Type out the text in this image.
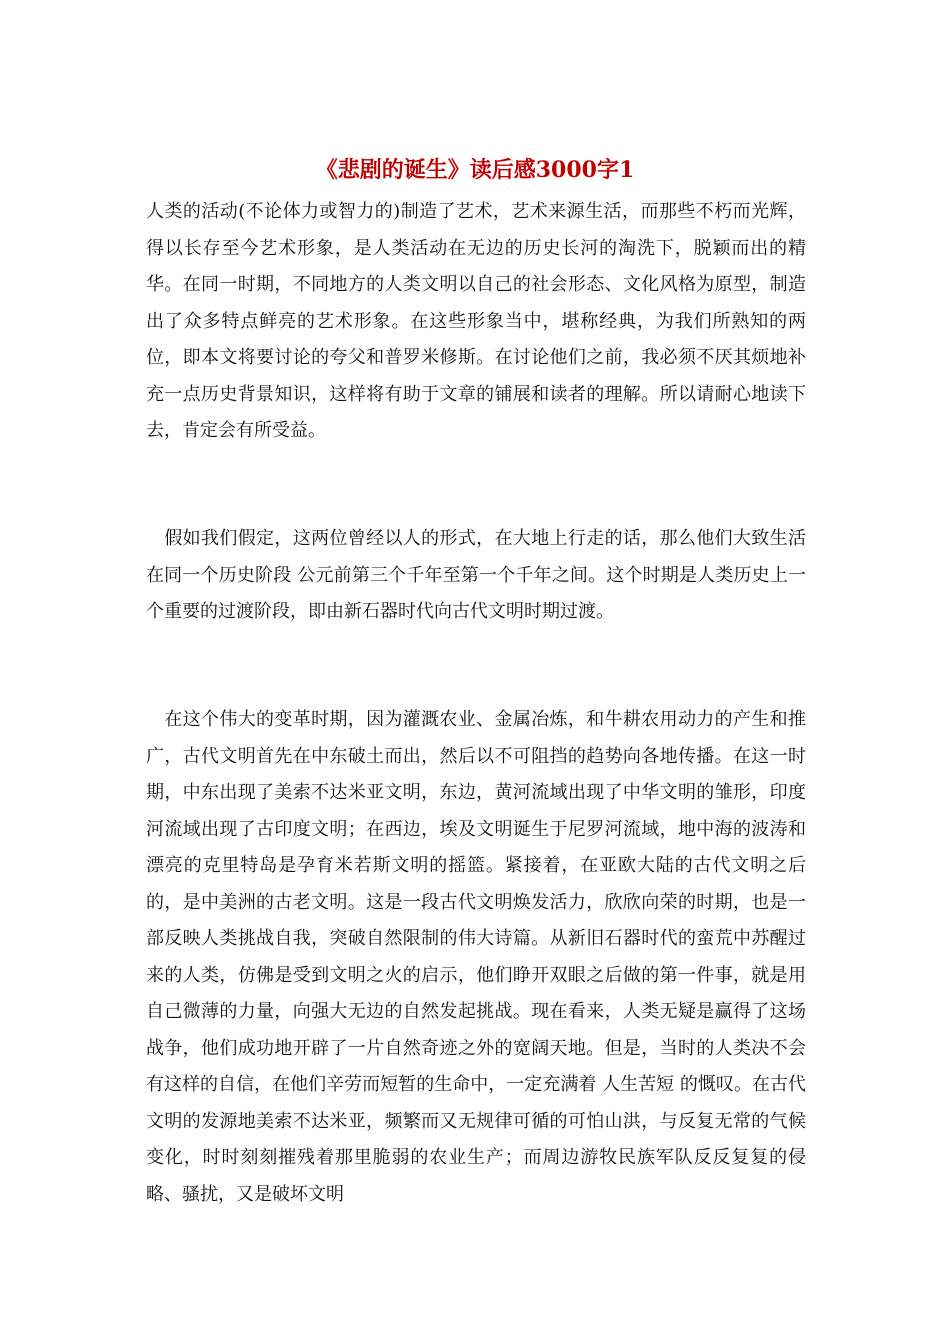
《悲剧的诞生》读后感3000字1

人类的活动(不论体力或智力的)制造了艺术，艺术来源生活，而那些不朽而光辉，得以长存至今艺术形象，是人类活动在无边的历史长河的淘洗下，脱颖而出的精华。在同一时期，不同地方的人类文明以自己的社会形态、文化风格为原型，制造出了众多特点鲜亮的艺术形象。在这些形象当中，堪称经典，为我们所熟知的两位，即本文将要讨论的夸父和普罗米修斯。在讨论他们之前，我必须不厌其烦地补充一点历史背景知识，这样将有助于文章的铺展和读者的理解。所以请耐心地读下去，肯定会有所受益。

　假如我们假定，这两位曾经以人的形式，在大地上行走的话，那么他们大致生活在同一个历史阶段 公元前第三个千年至第一个千年之间。这个时期是人类历史上一个重要的过渡阶段，即由新石器时代向古代文明时期过渡。

　在这个伟大的变革时期，因为灌溉农业、金属冶炼，和牛耕农用动力的产生和推广，古代文明首先在中东破土而出，然后以不可阻挡的趋势向各地传播。在这一时期，中东出现了美索不达米亚文明，东边，黄河流域出现了中华文明的雏形，印度河流域出现了古印度文明；在西边，埃及文明诞生于尼罗河流域，地中海的波涛和漂亮的克里特岛是孕育米若斯文明的摇篮。紧接着，在亚欧大陆的古代文明之后的，是中美洲的古老文明。这是一段古代文明焕发活力，欣欣向荣的时期，也是一部反映人类挑战自我，突破自然限制的伟大诗篇。从新旧石器时代的蛮荒中苏醒过来的人类，仿佛是受到文明之火的启示，他们睁开双眼之后做的第一件事，就是用自己微薄的力量，向强大无边的自然发起挑战。现在看来，人类无疑是赢得了这场战争，他们成功地开辟了一片自然奇迹之外的宽阔天地。但是，当时的人类决不会有这样的自信，在他们辛劳而短暂的生命中，一定充满着 人生苦短 的慨叹。在古代文明的发源地美索不达米亚，频繁而又无规律可循的可怕山洪，与反复无常的气候变化，时时刻刻摧残着那里脆弱的农业生产；而周边游牧民族军队反反复复的侵略、骚扰，又是破坏文明
